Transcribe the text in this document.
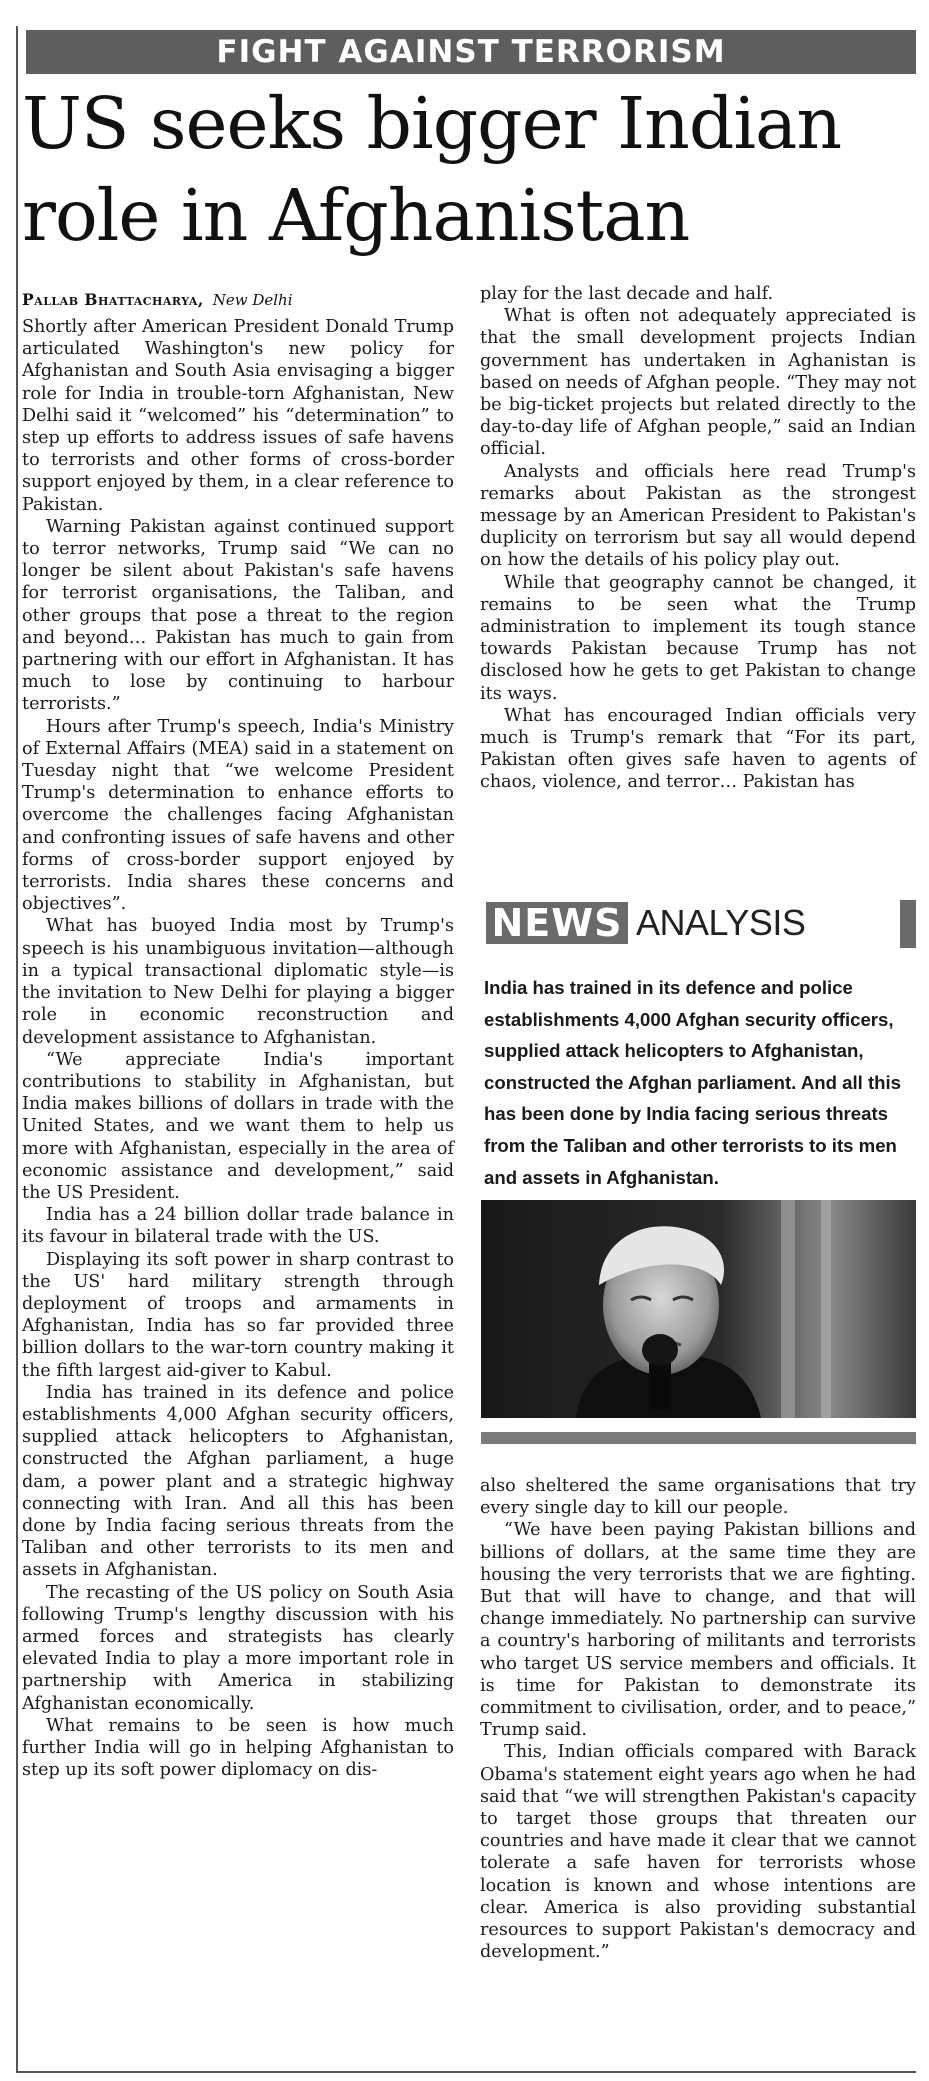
FIGHT AGAINST TERRORISM
US seeks bigger Indian
role in Afghanistan
Pallab Bhattacharya, New Delhi

Shortly after American President Donald Trump articulated Washington's new policy for Afghanistan and South Asia envisaging a bigger role for India in trouble-torn Afghanistan, New Delhi said it “welcomed” his “determination” to step up efforts to address issues of safe havens to terrorists and other forms of cross-border support enjoyed by them, in a clear reference to Pakistan.

Warning Pakistan against continued support to terror networks, Trump said “We can no longer be silent about Pakistan's safe havens for terrorist organisations, the Taliban, and other groups that pose a threat to the region and beyond… Pakistan has much to gain from partnering with our effort in Afghanistan. It has much to lose by continuing to harbour terrorists.”

Hours after Trump's speech, India's Ministry of External Affairs (MEA) said in a statement on Tuesday night that “we welcome President Trump's determination to enhance efforts to overcome the challenges facing Afghanistan and confronting issues of safe havens and other forms of cross-border support enjoyed by terrorists. India shares these concerns and objectives”.

What has buoyed India most by Trump's speech is his unambiguous invitation—although in a typical transactional diplomatic style—is the invitation to New Delhi for playing a bigger role in economic reconstruction and development assistance to Afghanistan.

“We appreciate India's important contributions to stability in Afghanistan, but India makes billions of dollars in trade with the United States, and we want them to help us more with Afghanistan, especially in the area of economic assistance and development,” said the US President.

India has a 24 billion dollar trade balance in its favour in bilateral trade with the US.

Displaying its soft power in sharp contrast to the US' hard military strength through deployment of troops and armaments in Afghanistan, India has so far provided three billion dollars to the war-torn country making it the fifth largest aid-giver to Kabul.

India has trained in its defence and police establishments 4,000 Afghan security officers, supplied attack helicopters to Afghanistan, constructed the Afghan parliament, a huge dam, a power plant and a strategic highway connecting with Iran. And all this has been done by India facing serious threats from the Taliban and other terrorists to its men and assets in Afghanistan.

The recasting of the US policy on South Asia following Trump's lengthy discussion with his armed forces and strategists has clearly elevated India to play a more important role in partnership with America in stabilizing Afghanistan economically.

What remains to be seen is how much further India will go in helping Afghanistan to step up its soft power diplomacy on dis-

play for the last decade and half.

What is often not adequately appreciated is that the small development projects Indian government has undertaken in Aghanistan is based on needs of Afghan people. “They may not be big-ticket projects but related directly to the day-to-day life of Afghan people,” said an Indian official.

Analysts and officials here read Trump's remarks about Pakistan as the strongest message by an American President to Pakistan's duplicity on terrorism but say all would depend on how the details of his policy play out.

While that geography cannot be changed, it remains to be seen what the Trump administration to implement its tough stance towards Pakistan because Trump has not disclosed how he gets to get Pakistan to change its ways.

What has encouraged Indian officials very much is Trump's remark that “For its part, Pakistan often gives safe haven to agents of chaos, violence, and terror… Pakistan has

NEWS ANALYSIS
India has trained in its defence and police establishments 4,000 Afghan security officers, supplied attack helicopters to Afghanistan, constructed the Afghan parliament. And all this has been done by India facing serious threats from the Taliban and other terrorists to its men and assets in Afghanistan.

also sheltered the same organisations that try every single day to kill our people.

“We have been paying Pakistan billions and billions of dollars, at the same time they are housing the very terrorists that we are fighting. But that will have to change, and that will change immediately. No partnership can survive a country's harboring of militants and terrorists who target US service members and officials. It is time for Pakistan to demonstrate its commitment to civilisation, order, and to peace,” Trump said.

This, Indian officials compared with Barack Obama's statement eight years ago when he had said that “we will strengthen Pakistan's capacity to target those groups that threaten our countries and have made it clear that we cannot tolerate a safe haven for terrorists whose location is known and whose intentions are clear. America is also providing substantial resources to support Pakistan's democracy and development.”
